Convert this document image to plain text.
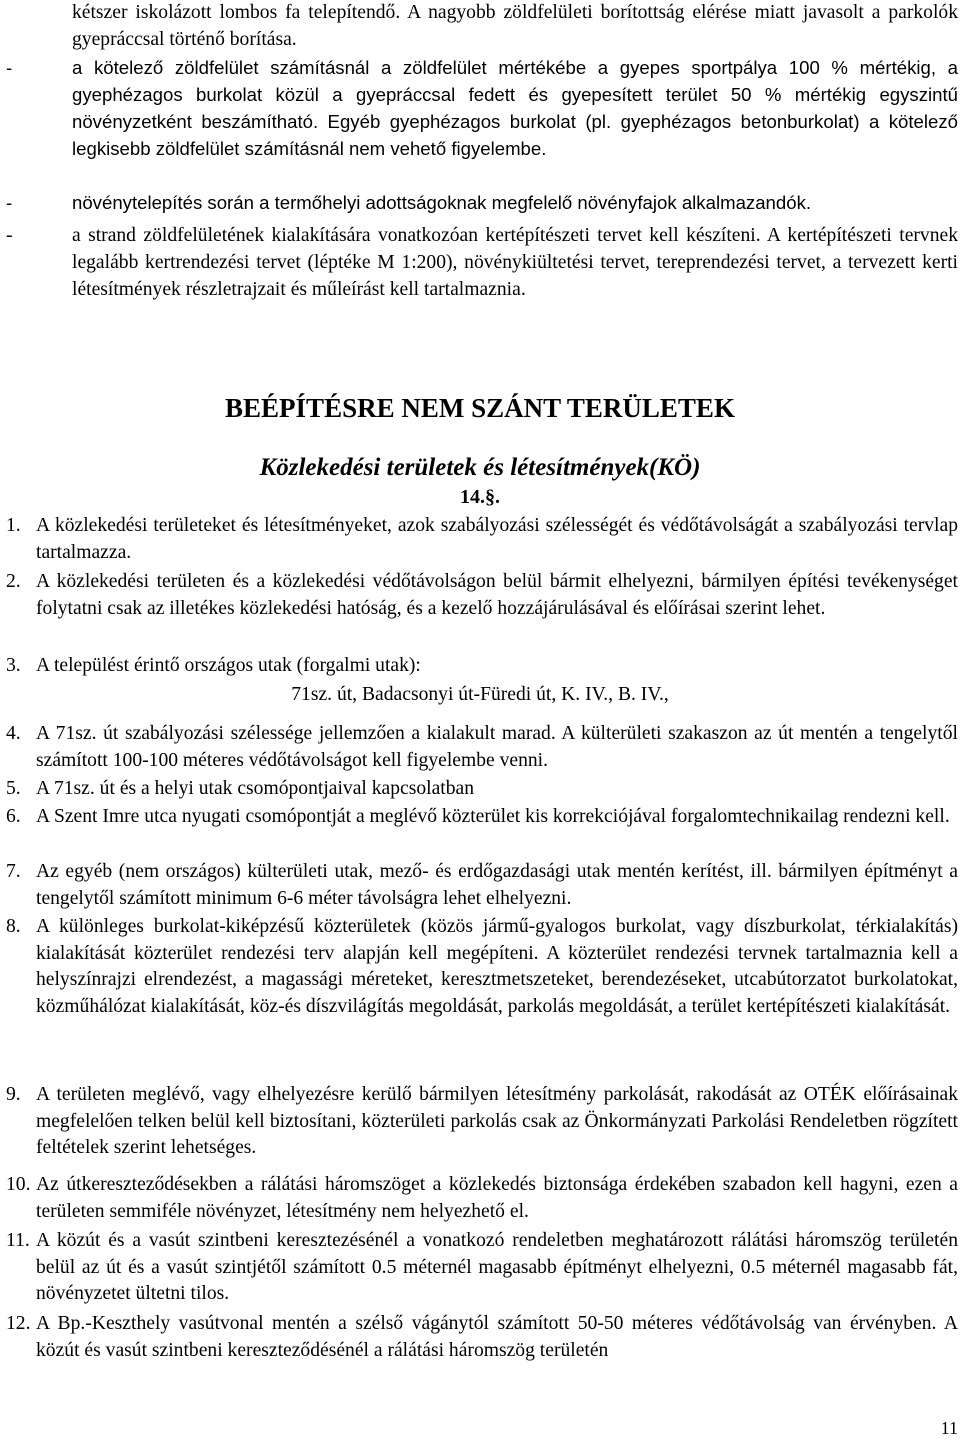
kétszer iskolázott lombos fa telepítendő. A nagyobb zöldfelületi borítottság elérése miatt javasolt a parkolók gyepráccsal történő borítása.

-	a kötelező zöldfelület számításnál a zöldfelület mértékébe a gyepes sportpálya 100 % mértékig, a gyephézagos burkolat közül a gyepráccsal fedett és gyepesített terület 50 % mértékig egyszintű növényzetként beszámítható. Egyéb gyephézagos burkolat (pl. gyephézagos betonburkolat) a kötelező legkisebb zöldfelület számításnál nem vehető figyelembe.
-	növénytelepítés során a termőhelyi adottságoknak megfelelő növényfajok alkalmazandók.
-	a strand zöldfelületének kialakítására vonatkozóan kertépítészeti tervet kell készíteni. A kertépítészeti tervnek legalább kertrendezési tervet (léptéke M 1:200), növénykiültetési tervet, tereprendezési tervet, a tervezett kerti létesítmények részletrajzait és műleírást kell tartalmaznia.
BEÉPÍTÉSRE NEM SZÁNT TERÜLETEK
Közlekedési területek és létesítmények(KÖ)
14.§.
1. A közlekedési területeket és létesítményeket, azok szabályozási szélességét és védőtávolságát a szabályozási tervlap tartalmazza.
2. A közlekedési területen és a közlekedési védőtávolságon belül bármit elhelyezni, bármilyen építési tevékenységet folytatni csak az illetékes közlekedési hatóság, és a kezelő hozzájárulásával és előírásai szerint lehet.
3. A települést érintő országos utak (forgalmi utak):

71sz. út, Badacsonyi út-Füredi út, K. IV., B. IV.,

4. A 71sz. út szabályozási szélessége jellemzően a kialakult marad. A külterületi szakaszon az út mentén a tengelytől számított 100-100 méteres védőtávolságot kell figyelembe venni.
5. A 71sz. út és a helyi utak csomópontjaival kapcsolatban
6. A Szent Imre utca nyugati csomópontját a meglévő közterület kis korrekciójával forgalomtechnikailag rendezni kell.
7. Az egyéb (nem országos) külterületi utak, mező- és erdőgazdasági utak mentén kerítést, ill. bármilyen építményt a tengelytől számított minimum 6-6 méter távolságra lehet elhelyezni.
8. A különleges burkolat-kiképzésű közterületek (közös jármű-gyalogos burkolat, vagy díszburkolat, térkialakítás) kialakítását közterület rendezési terv alapján kell megépíteni. A közterület rendezési tervnek tartalmaznia kell a helyszínrajzi elrendezést, a magassági méreteket, keresztmetszeteket, berendezéseket, utcabútorzatot burkolatokat, közműhálózat kialakítását, köz-és díszvilágítás megoldását, parkolás megoldását, a terület kertépítészeti kialakítását.
9. A területen meglévő, vagy elhelyezésre kerülő bármilyen létesítmény parkolását, rakodását az OTÉK előírásainak megfelelően telken belül kell biztosítani, közterületi parkolás csak az Önkormányzati Parkolási Rendeletben rögzített feltételek szerint lehetséges.
10. Az útkereszteződésekben a rálátási háromszöget a közlekedés biztonsága érdekében szabadon kell hagyni, ezen a területen semmiféle növényzet, létesítmény nem helyezhető el.
11. A közút és a vasút szintbeni keresztezésénél a vonatkozó rendeletben meghatározott rálátási háromszög területén belül az út és a vasút szintjétől számított 0.5 méternél magasabb építményt elhelyezni, 0.5 méternél magasabb fát, növényzetet ültetni tilos.
12. A Bp.-Keszthely vasútvonal mentén a szélső vágánytól számított 50-50 méteres védőtávolság van érvényben. A közút és vasút szintbeni kereszteződésénél a rálátási háromszög területén
11
